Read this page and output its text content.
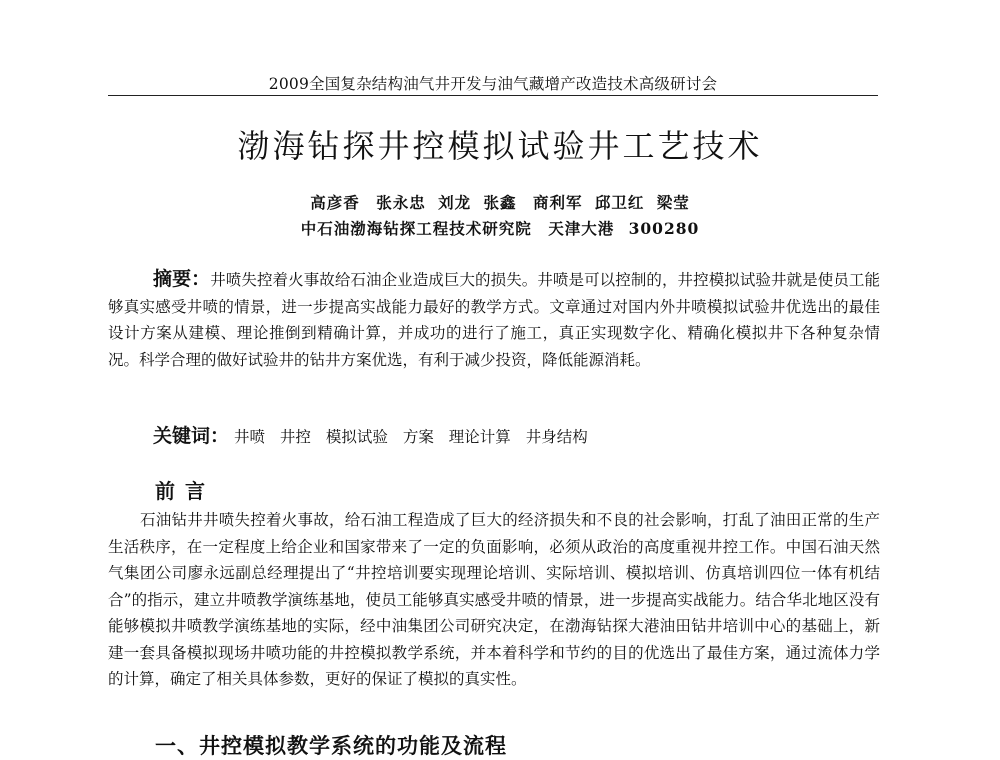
2009全国复杂结构油气井开发与油气藏增产改造技术高级研讨会
渤海钻探井控模拟试验井工艺技术
高彦香　张永忠 刘龙 张鑫　商利军 邱卫红 梁莹
中石油渤海钻探工程技术研究院　天津大港 300280

摘要：井喷失控着火事故给石油企业造成巨大的损失。井喷是可以控制的，井控模拟试验井就是使员工能够真实感受井喷的情景，进一步提高实战能力最好的教学方式。文章通过对国内外井喷模拟试验井优选出的最佳设计方案从建模、理论推倒到精确计算，并成功的进行了施工，真正实现数字化、精确化模拟井下各种复杂情况。科学合理的做好试验井的钻井方案优选，有利于减少投资，降低能源消耗。

关键词： 井喷 井控 模拟试验 方案 理论计算 井身结构
前言

石油钻井井喷失控着火事故，给石油工程造成了巨大的经济损失和不良的社会影响，打乱了油田正常的生产生活秩序，在一定程度上给企业和国家带来了一定的负面影响，必须从政治的高度重视井控工作。中国石油天然气集团公司廖永远副总经理提出了“井控培训要实现理论培训、实际培训、模拟培训、仿真培训四位一体有机结合”的指示，建立井喷教学演练基地，使员工能够真实感受井喷的情景，进一步提高实战能力。结合华北地区没有能够模拟井喷教学演练基地的实际，经中油集团公司研究决定，在渤海钻探大港油田钻井培训中心的基础上，新建一套具备模拟现场井喷功能的井控模拟教学系统，并本着科学和节约的目的优选出了最佳方案，通过流体力学的计算，确定了相关具体参数，更好的保证了模拟的真实性。

一、井控模拟教学系统的功能及流程
